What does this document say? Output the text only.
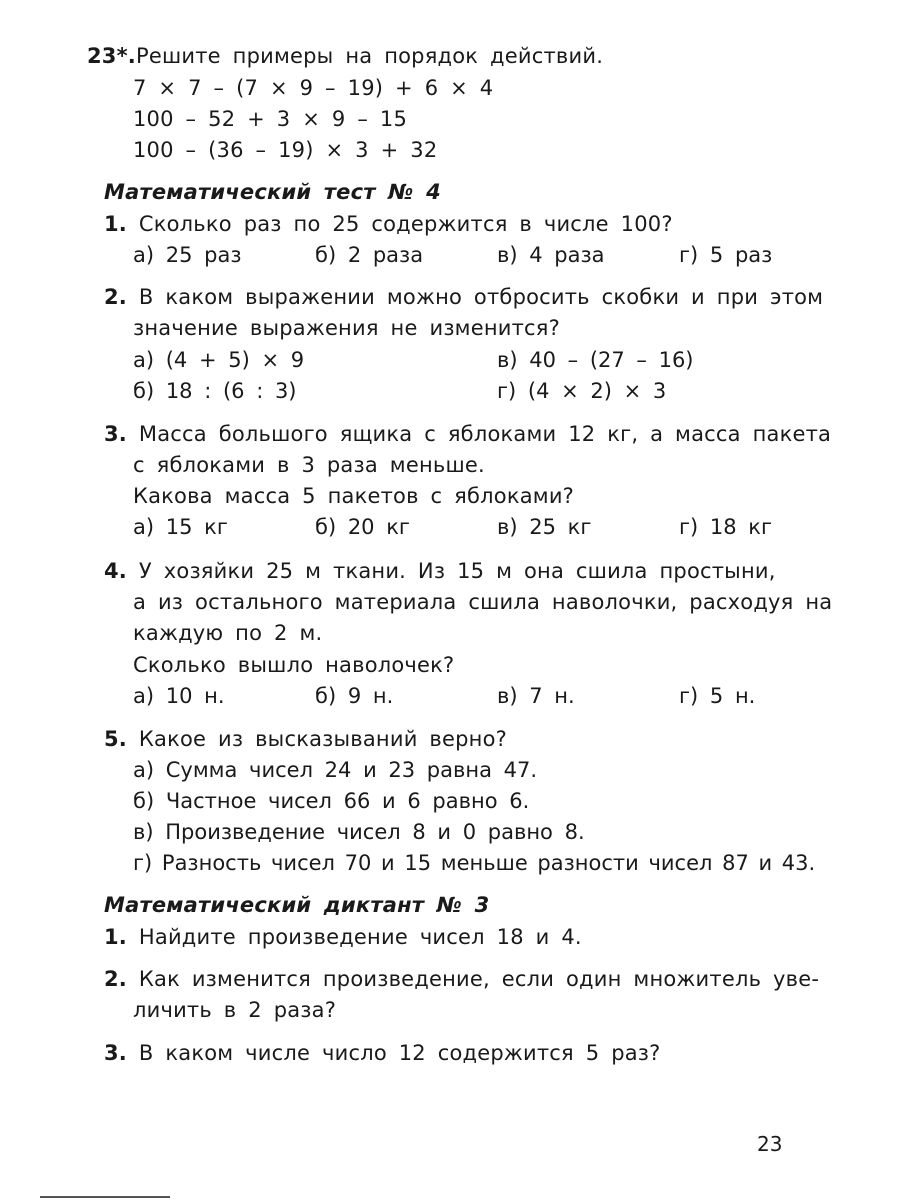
23*.Решите примеры на порядок действий.
7 × 7 – (7 × 9 – 19) + 6 × 4
100 – 52 + 3 × 9 – 15
100 – (36 – 19) × 3 + 32
Математический тест № 4
1. Сколько раз по 25 содержится в числе 100?
а) 25 раз	б) 2 раза	в) 4 раза	г) 5 раз
2. В каком выражении можно отбросить скобки и при этом
значение выражения не изменится?
а) (4 + 5) × 9	в) 40 – (27 – 16)
б) 18 : (6 : 3)	г) (4 × 2) × 3
3. Масса большого ящика с яблоками 12 кг, а масса пакета
с яблоками в 3 раза меньше.
Какова масса 5 пакетов с яблоками?
а) 15 кг	б) 20 кг	в) 25 кг	г) 18 кг
4. У хозяйки 25 м ткани. Из 15 м она сшила простыни,
а из остального материала сшила наволочки, расходуя на
каждую по 2 м.
Сколько вышло наволочек?
а) 10 н.	б) 9 н.	в) 7 н.	г) 5 н.
5. Какое из высказываний верно?
а) Сумма чисел 24 и 23 равна 47.
б) Частное чисел 66 и 6 равно 6.
в) Произведение чисел 8 и 0 равно 8.
г) Разность чисел 70 и 15 меньше разности чисел 87 и 43.
Математический диктант № 3
1. Найдите произведение чисел 18 и 4.
2. Как изменится произведение, если один множитель уве-
личить в 2 раза?
3. В каком числе число 12 содержится 5 раз?
23
